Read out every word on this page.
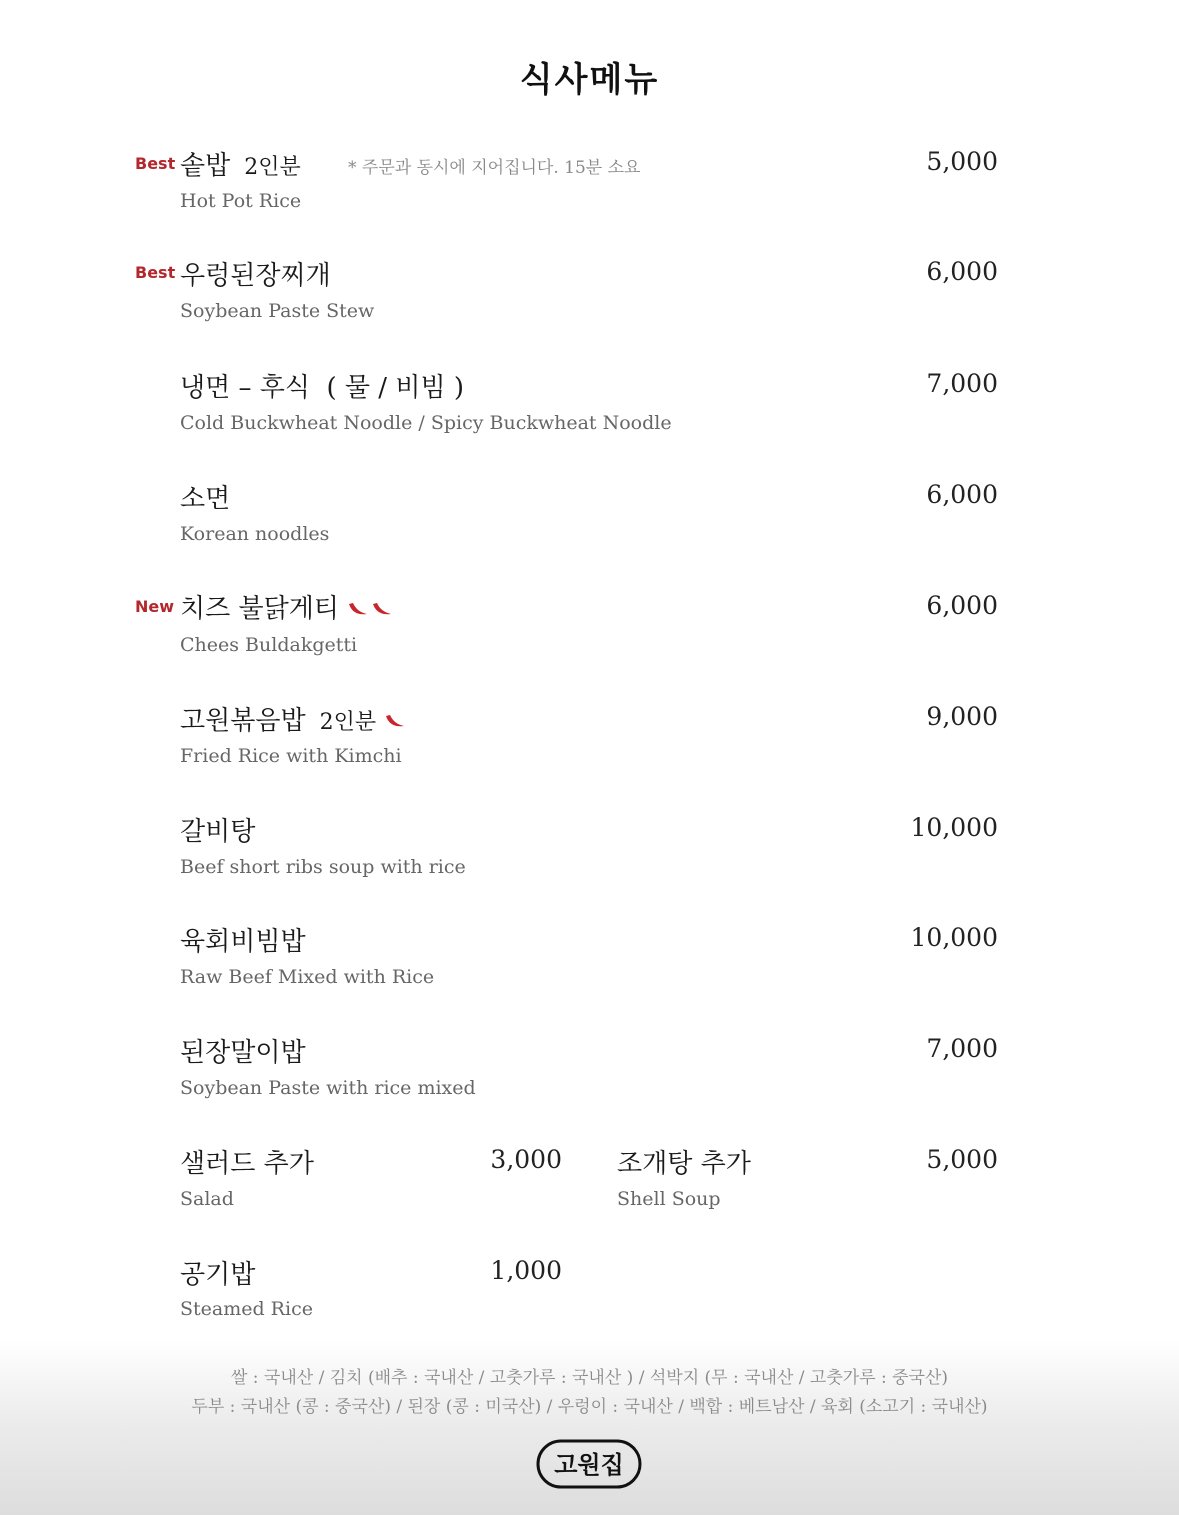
식사메뉴
Best 솥밥 2인분	* 주문과 동시에 지어집니다. 15분 소요
Hot Pot Rice
5,000
Best 우렁된장찌개
Soybean Paste Stew
6,000
냉면 – 후식  ( 물 / 비빔 )
Cold Buckwheat Noodle / Spicy Buckwheat Noodle
7,000
소면
Korean noodles
6,000
New 치즈 불닭게티
Chees Buldakgetti
6,000
고원볶음밥 2인분
Fried Rice with Kimchi
9,000
갈비탕
Beef short ribs soup with rice
10,000
육회비빔밥
Raw Beef Mixed with Rice
10,000
된장말이밥
Soybean Paste with rice mixed
7,000
샐러드 추가
Salad
3,000 조개탕 추가
Shell Soup
5,000
공기밥
Steamed Rice
1,000
쌀 : 국내산 / 김치 (배추 : 국내산 / 고춧가루 : 국내산 ) / 석박지 (무 : 국내산 / 고춧가루 : 중국산)
두부 : 국내산 (콩 : 중국산) / 된장 (콩 : 미국산) / 우렁이 : 국내산 / 백합 : 베트남산 / 육회 (소고기 : 국내산)
고원집
